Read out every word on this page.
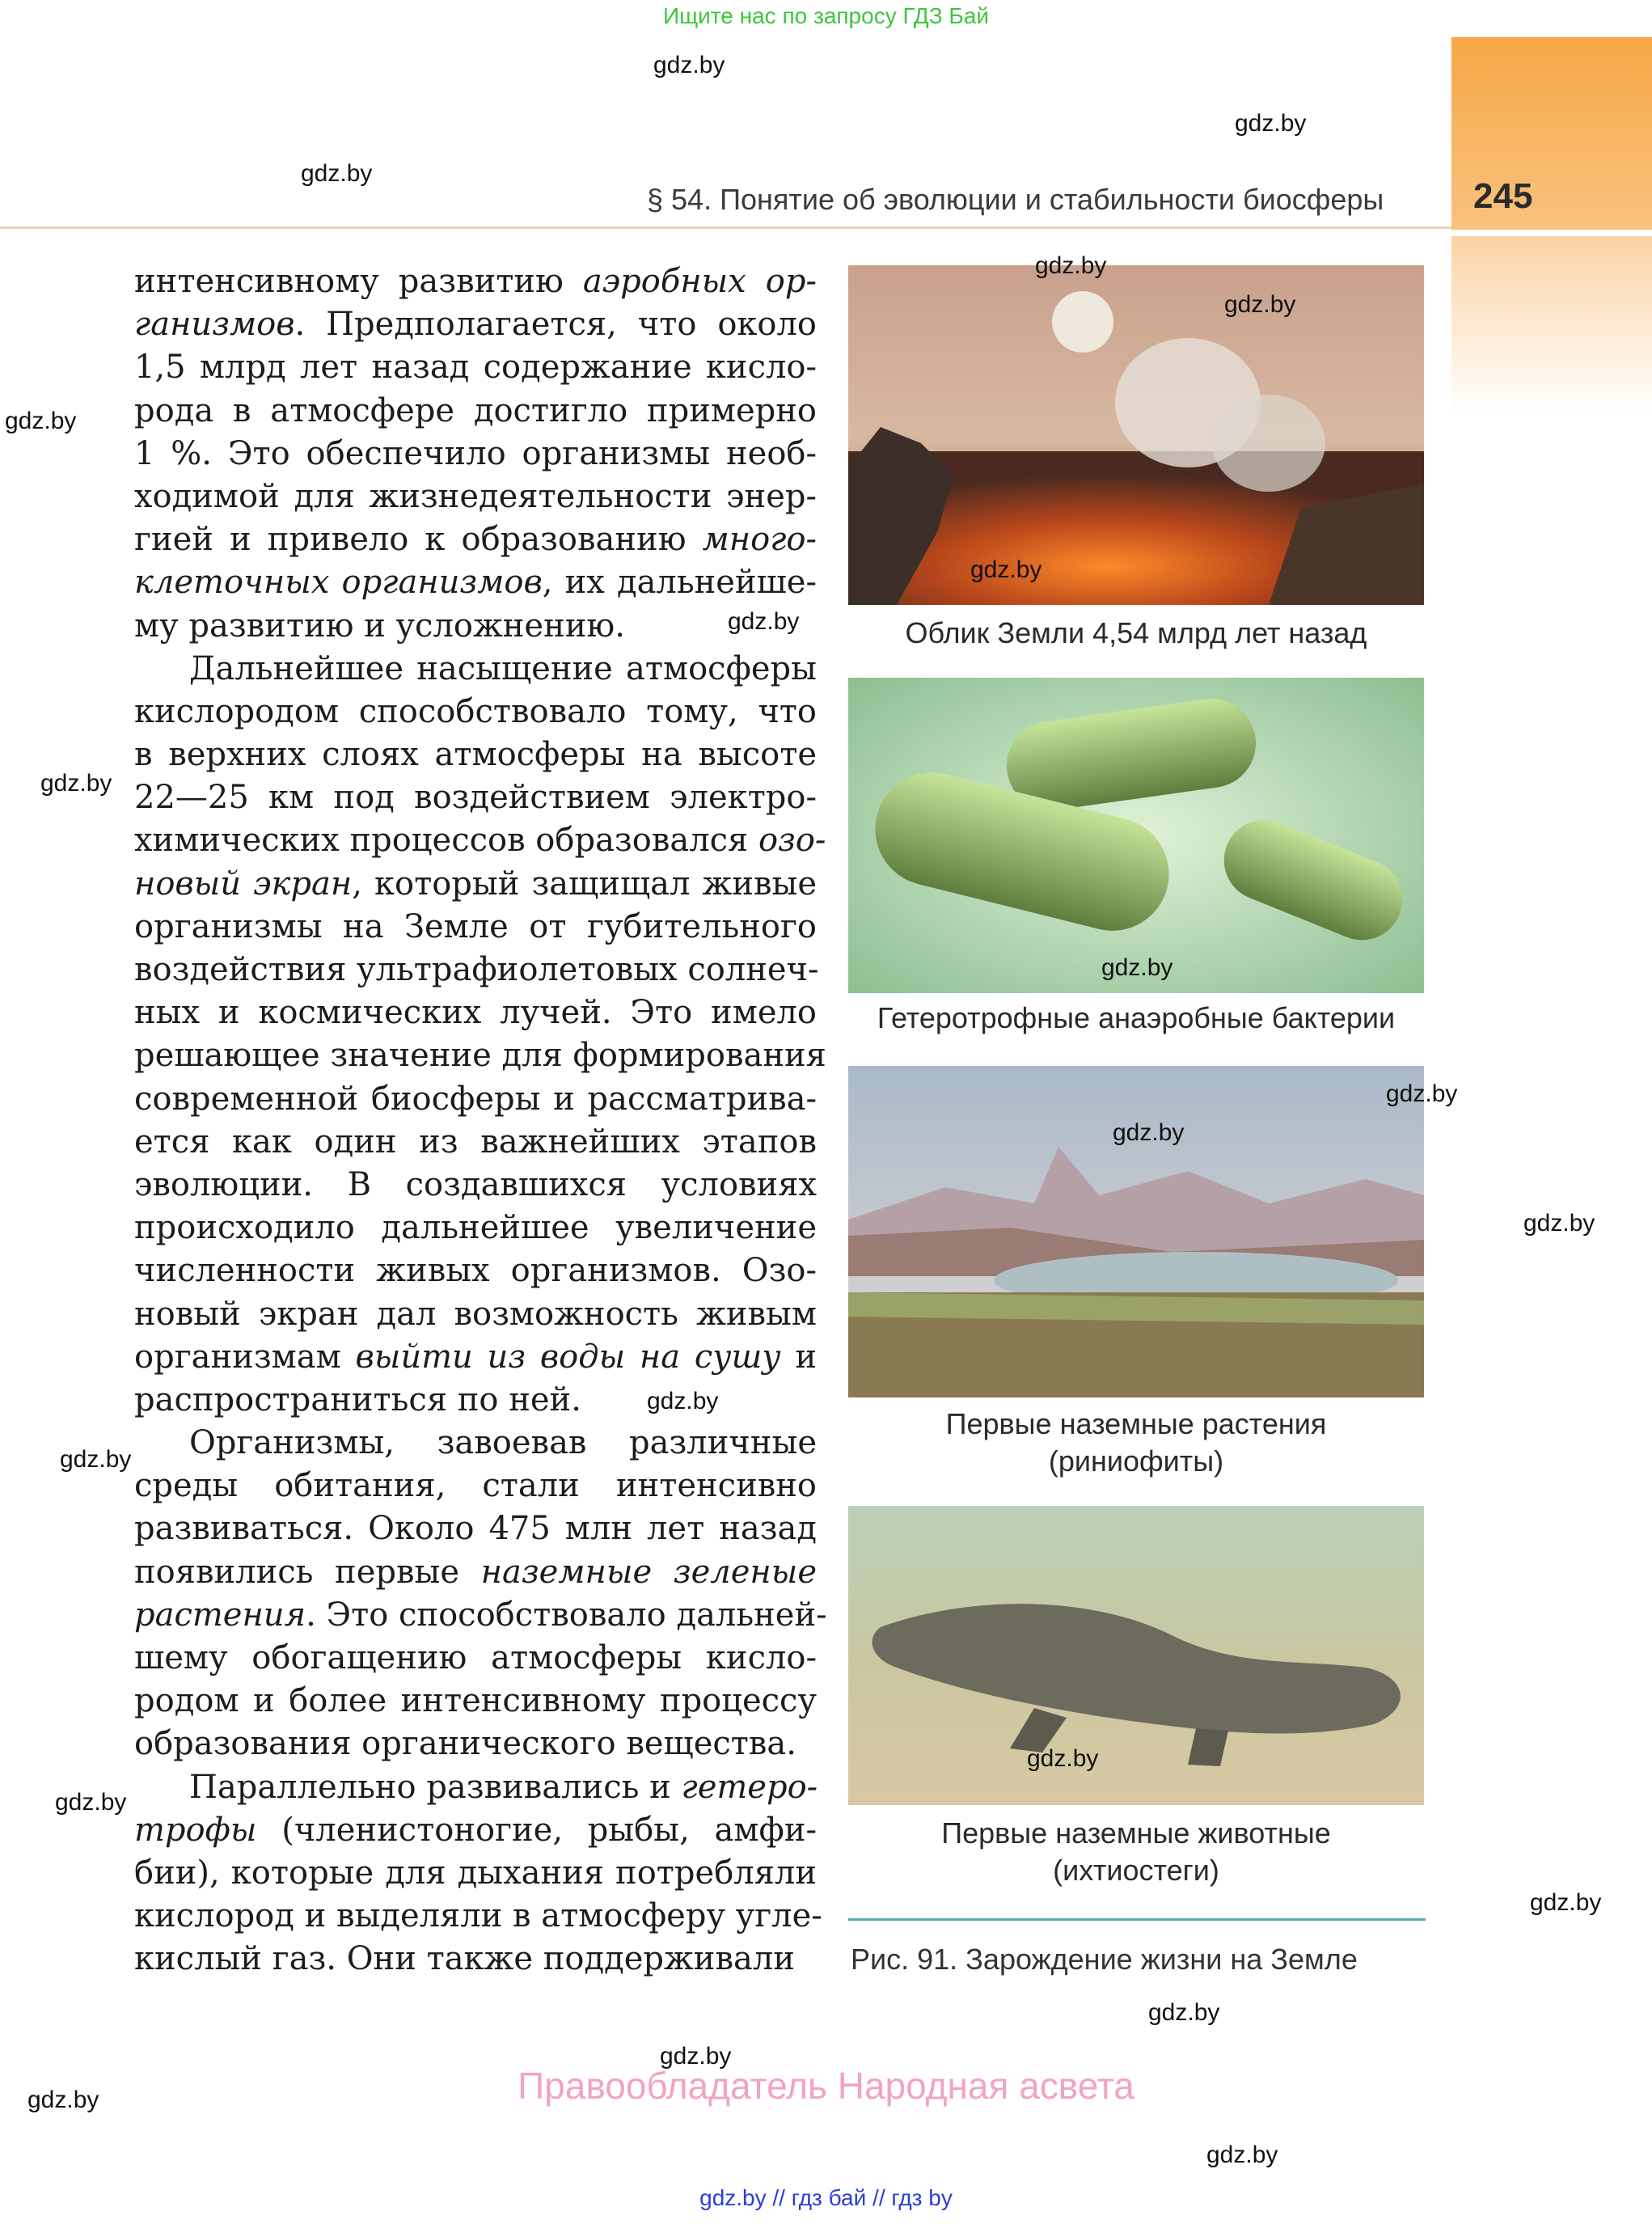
Ищите нас по запросу ГДЗ Бай
§ 54. Понятие об эволюции и стабильности биосферы	245
интенсивному развитию аэробных ор-
ганизмов. Предполагается, что около
1,5 млрд лет назад содержание кисло-
рода в атмосфере достигло примерно
1 %. Это обеспечило организмы необ-
ходимой для жизнедеятельности энер-
гией и привело к образованию много-
клеточных организмов, их дальнейше-
му развитию и усложнению.
Дальнейшее насыщение атмосферы
кислородом способствовало тому, что
в верхних слоях атмосферы на высоте
22—25 км под воздействием электро-
химических процессов образовался озо-
новый экран, который защищал живые
организмы на Земле от губительного
воздействия ультрафиолетовых солнеч-
ных и космических лучей. Это имело
решающее значение для формирования
современной биосферы и рассматрива-
ется как один из важнейших этапов
эволюции. В создавшихся условиях
происходило дальнейшее увеличение
численности живых организмов. Озо-
новый экран дал возможность живым
организмам выйти из воды на сушу и
распространиться по ней.
Организмы, завоевав различные
среды обитания, стали интенсивно
развиваться. Около 475 млн лет назад
появились первые наземные зеленые
растения. Это способствовало дальней-
шему обогащению атмосферы кисло-
родом и более интенсивному процессу
образования органического вещества.
Параллельно развивались и гетеро-
трофы (членистоногие, рыбы, амфи-
бии), которые для дыхания потребляли
кислород и выделяли в атмосферу угле-
кислый газ. Они также поддерживали
Облик Земли 4,54 млрд лет назад
Гетеротрофные анаэробные бактерии
Первые наземные растения
(риниофиты)
Первые наземные животные
(ихтиостеги)
Рис. 91. Зарождение жизни на Земле
gdz.by
gdz.by
gdz.by
gdz.by
gdz.by
gdz.by
gdz.by
gdz.by
gdz.by
gdz.by
gdz.by
gdz.by
gdz.by
gdz.by
gdz.by
gdz.by
gdz.by
gdz.by
gdz.by
gdz.by
gdz.by
gdz.by
Правообладатель Народная асвета
gdz.by // гдз бай // гдз by
